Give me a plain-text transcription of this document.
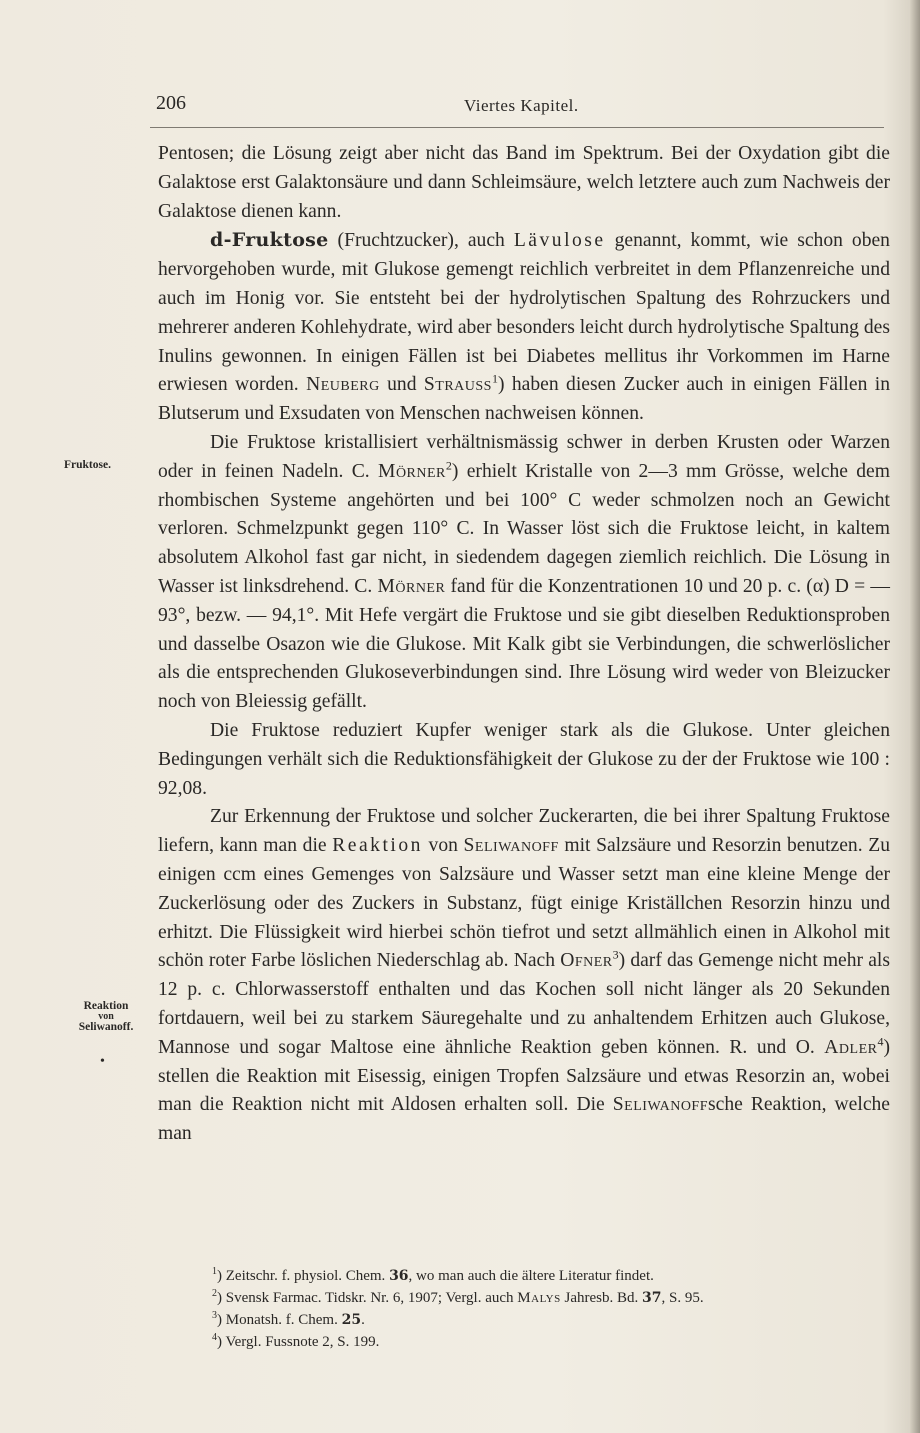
206	Viertes Kapitel.
Fruktose.
Reaktion
von
Seliwanoff.
•

Pentosen; die Lösung zeigt aber nicht das Band im Spektrum. Bei der Oxydation gibt die Galaktose erst Galaktonsäure und dann Schleimsäure, welch letztere auch zum Nachweis der Galaktose dienen kann.

d-Fruktose (Fruchtzucker), auch Lävulose genannt, kommt, wie schon oben hervorgehoben wurde, mit Glukose gemengt reichlich verbreitet in dem Pflanzenreiche und auch im Honig vor. Sie entsteht bei der hydrolytischen Spaltung des Rohrzuckers und mehrerer anderen Kohlehydrate, wird aber besonders leicht durch hydrolytische Spaltung des Inulins gewonnen. In einigen Fällen ist bei Diabetes mellitus ihr Vorkommen im Harne erwiesen worden. Neuberg und Strauss$^1$) haben diesen Zucker auch in einigen Fällen in Blutserum und Exsudaten von Menschen nachweisen können.

Die Fruktose kristallisiert verhältnismässig schwer in derben Krusten oder Warzen oder in feinen Nadeln. C. Mörner$^2$) erhielt Kristalle von 2—3 mm Grösse, welche dem rhombischen Systeme angehörten und bei 100° C weder schmolzen noch an Gewicht verloren. Schmelzpunkt gegen 110° C. In Wasser löst sich die Fruktose leicht, in kaltem absolutem Alkohol fast gar nicht, in siedendem dagegen ziemlich reichlich. Die Lösung in Wasser ist linksdrehend. C. Mörner fand für die Konzentrationen 10 und 20 p. c. (α) D = — 93°, bezw. — 94,1°. Mit Hefe vergärt die Fruktose und sie gibt dieselben Reduktionsproben und dasselbe Osazon wie die Glukose. Mit Kalk gibt sie Verbindungen, die schwerlöslicher als die entsprechenden Glukoseverbindungen sind. Ihre Lösung wird weder von Bleizucker noch von Bleiessig gefällt.

Die Fruktose reduziert Kupfer weniger stark als die Glukose. Unter gleichen Bedingungen verhält sich die Reduktionsfähigkeit der Glukose zu der der Fruktose wie 100 : 92,08.

Zur Erkennung der Fruktose und solcher Zuckerarten, die bei ihrer Spaltung Fruktose liefern, kann man die Reaktion von Seliwanoff mit Salzsäure und Resorzin benutzen. Zu einigen ccm eines Gemenges von Salzsäure und Wasser setzt man eine kleine Menge der Zuckerlösung oder des Zuckers in Substanz, fügt einige Kriställchen Resorzin hinzu und erhitzt. Die Flüssigkeit wird hierbei schön tiefrot und setzt allmählich einen in Alkohol mit schön roter Farbe löslichen Niederschlag ab. Nach Ofner$^3$) darf das Gemenge nicht mehr als 12 p. c. Chlorwasserstoff enthalten und das Kochen soll nicht länger als 20 Sekunden fortdauern, weil bei zu starkem Säuregehalte und zu anhaltendem Erhitzen auch Glukose, Mannose und sogar Maltose eine ähnliche Reaktion geben können. R. und O. Adler$^4$) stellen die Reaktion mit Eisessig, einigen Tropfen Salzsäure und etwas Resorzin an, wobei man die Reaktion nicht mit Aldosen erhalten soll. Die Seliwanoffsche Reaktion, welche man

$^1$) Zeitschr. f. physiol. Chem. 36, wo man auch die ältere Literatur findet.
$^2$) Svensk Farmac. Tidskr. Nr. 6, 1907; Vergl. auch Malys Jahresb. Bd. 37, S. 95.
$^3$) Monatsh. f. Chem. 25.
$^4$) Vergl. Fussnote 2, S. 199.
